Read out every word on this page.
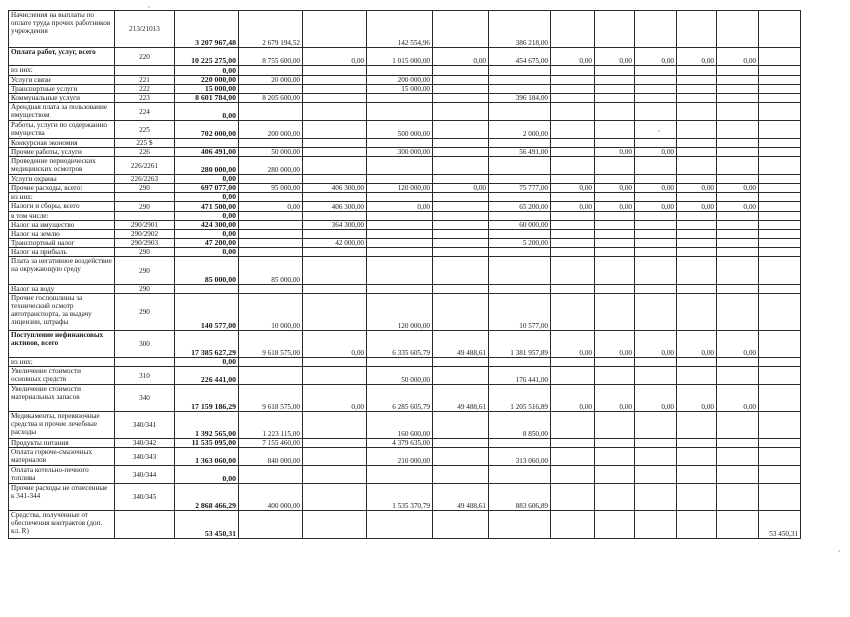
Начисления на выплаты по оплате труда прочих работников учреждения	213/21013	3 207 967,48	2 679 194,52		142 554,96		386 218,00						
Оплата работ, услуг, всего	220	10 225 275,00	8 755 600,00	0,00	1 015 000,00	0,00	454 675,00	0,00	0,00	0,00	0,00	0,00	
из них:		0,00											
Услуги связи	221	220 000,00	20 000,00		200 000,00								
Транспортные услуги	222	15 000,00			15 000,00								
Коммунальные услуги	223	8 601 784,00	8 205 600,00				396 184,00						
Арендная плата за пользование имуществом	224	0,00											
Работы, услуги по содержанию имущества	225	702 000,00	200 000,00		500 000,00		2 000,00						
Конкурсная экономия	225 $												
Прочие работы, услуги	226	406 491,00	50 000,00		300 000,00		56 491,00		0,00	0,00			
Проведение периодических медицинских осмотров	226/2261	280 000,00	280 000,00										
Услуги охраны	226/2263	0,00											
Прочие расходы, всего:	290	697 077,00	95 000,00	406 300,00	120 000,00	0,00	75 777,00	0,00	0,00	0,00	0,00	0,00	
из них:		0,00											
Налоги и сборы, всего	290	471 500,00	0,00	406 300,00	0,00		65 200,00	0,00	0,00	0,00	0,00	0,00	
в том числе:		0,00											
Налог на имущество	290/2901	424 300,00		364 300,00			60 000,00						
Налог на землю	290/2902	0,00											
Транспортный налог	290/2903	47 200,00		42 000,00			5 200,00						
Налог на прибыль	290	0,00											
Плата за негативное воздействие на окружающую среду	290	85 000,00	85 000,00										
Налог на воду	290												
Прочие госпошлины за технический осмотр автотранспорта, за выдачу лицензии, штрафы	290	140 577,00	10 000,00		120 000,00		10 577,00						
Поступление нефинансовых активов, всего	300	17 385 627,29	9 618 575,00	0,00	6 335 605,79	49 488,61	1 381 957,89	0,00	0,00	0,00	0,00	0,00	
из них:		0,00											
Увеличение стоимости основных средств	310	226 441,00			50 000,00		176 441,00						
Увеличение стоимости материальных запасов	340	17 159 186,29	9 618 575,00	0,00	6 285 605,79	49 488,61	1 205 516,89	0,00	0,00	0,00	0,00	0,00	
Медикаменты, перевязочные средства и прочие лечебные расходы	340/341	1 392 565,00	1 223 115,00		160 600,00		8 850,00						
Продукты питания	340/342	11 535 095,00	7 155 460,00		4 379 635,00								
Оплата горюче-смазочных материалов	340/343	1 363 060,00	840 000,00		210 000,00		313 060,00						
Оплата котельно-печного топлива	340/344	0,00											
Прочие расходы не отнесенные к 341-344	340/345	2 868 466,29	400 000,00		1 535 370,79	49 488,61	883 606,89						
Средства, полученные от обеспечения контрактов (доп. кл. R)		53 450,31											53 450,31
